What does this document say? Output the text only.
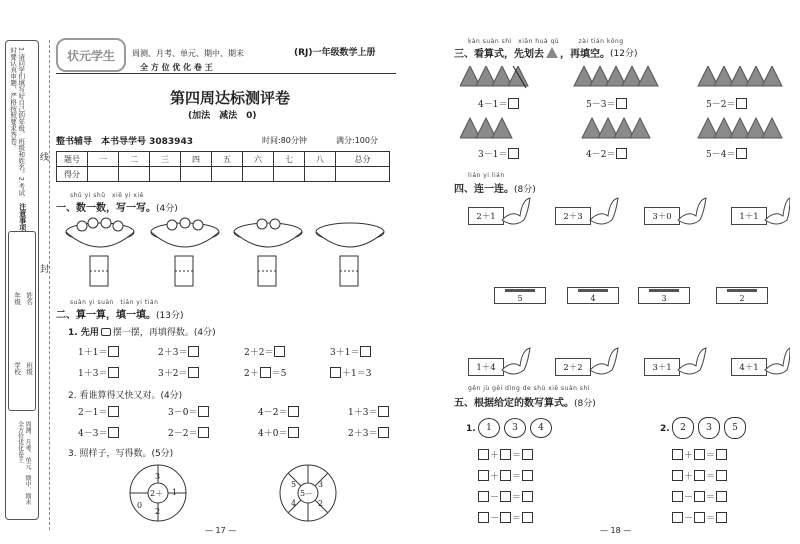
1.请同学们填写好自己的年级、班级和姓名。2.考试时要认真审题，严格按照要求答卷。
注意事项
年级 姓名
学校 班级
周测、月考、单元、期中、期末 全方位优化卷王
线
封
状元学生 周测、月考、单元、期中、期末
全 方 位 优 化 卷 王
(RJ)一年级数学上册
第四周达标测评卷
(加法　减法　0)
整书辅导　本书导学号 3083943	时间:80分钟	满分:100分
题号	一	二	三	四	五	六	七	八	总分
得分									
shǔ yi shǔ　xiě yi xiě
一、数一数，写一写。(4分)
suàn yi suàn　tián yi tián
二、算一算，填一填。(13分)
1. 先用 摆一摆，再填得数。(4分)
1＋1＝	2＋3＝	2＋2＝	3＋1＝
1＋3＝	3＋2＝	2＋ ＝5	＋1＝3
2. 看谁算得又快又对。(4分)
2－1＝	3－0＝	4－2＝	1＋3＝
4－3＝	2－2＝	4＋0＝	2＋3＝
3. 照样子，写得数。(5分)
3
2＋ 1
0
2
5	3
5－
4	2
— 17 —
kàn suàn shì　xiān huà qù　　　zài tián kōng
三、看算式，先划去 ，再填空。 (12分)
4－1＝	5－3＝	5－2＝
3－1＝	4－2＝	5－4＝
lián yi lián
四、连一连。(8分)
2＋1	2＋3	3＋0	1＋1
5	4	3	2
1＋4	2＋2	3＋1	4＋1
gēn jù gěi dìng de shù xiě suàn shì
五、根据给定的数写算式。(8分)
1.	1	3	4	2.	2	3	5
＋ ＝
＋ ＝
－ ＝
－ ＝
＋ ＝
＋ ＝
－ ＝
－ ＝
— 18 —
